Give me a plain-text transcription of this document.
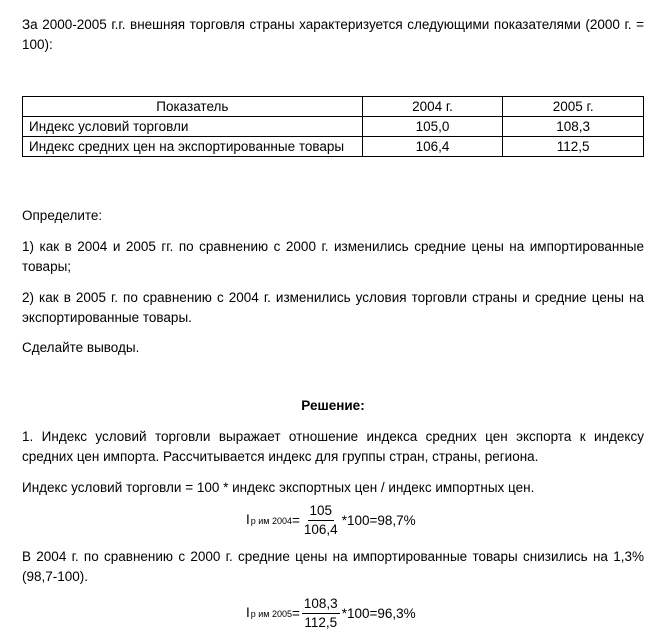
За 2000-2005 г.г. внешняя торговля страны характеризуется следующими показателями (2000 г. = 100):

Показатель	2004 г.	2005 г.
Индекс условий торговли	105,0	108,3
Индекс средних цен на экспортированные товары	106,4	112,5

Определите:

1) как в 2004 и 2005 гг. по сравнению с 2000 г. изменились средние цены на импортированные товары;

2) как в 2005 г. по сравнению с 2004 г. изменились условия торговли страны и средние цены на экспортированные товары.

Сделайте выводы.

Решение:

1. Индекс условий торговли выражает отношение индекса средних цен экспорта к индексу средних цен импорта. Рассчитывается индекс для группы стран, страны, региона.

Индекс условий торговли = 100 * индекс экспортных цен / индекс импортных цен.

I р им $2004 = \frac{105}{106,4} *100=98,7\%$

В 2004 г. по сравнению с 2000 г. средние цены на импортированные товары снизились на 1,3% (98,7-100).

I р им $2005 = \frac{108,3}{112,5} *100=96,3\%$
